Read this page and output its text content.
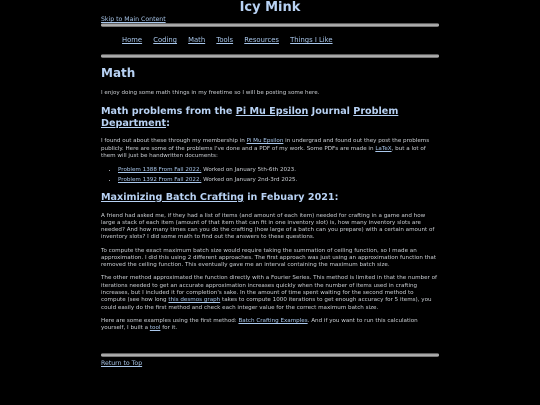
Icy Mink
Skip to Main Content
Home Coding Math Tools Resources Things I Like
Math

I enjoy doing some math things in my freetime so I will be posting some here.

Math problems from the Pi Mu Epsilon Journal Problem Department:

I found out about these through my membership in Pi Mu Epsilon in undergrad and found out they post the problems publicly. Here are some of the problems I've done and a PDF of my work. Some PDFs are made in LaTeX, but a lot of them will just be handwritten documents:

• Problem 1388 From Fall 2022. Worked on January 5th-6th 2023.
• Problem 1392 From Fall 2022. Worked on January 2nd-3rd 2025.
Maximizing Batch Crafting in Febuary 2021:

A friend had asked me, if they had a list of items (and amount of each item) needed for crafting in a game and how large a stack of each item (amount of that item that can fit in one inventory slot) is, how many inventory slots are needed? And how many times can you do the crafting (how large of a batch can you prepare) with a certain amount of inventory slots? I did some math to find out the answers to these questions.

To compute the exact maximum batch size would require taking the summation of ceiling function, so I made an approximation. I did this using 2 different approaches. The first approach was just using an approximation function that removed the ceiling function. This eventually gave me an interval containing the maximum batch size.

The other method approximated the function directly with a Fourier Series. This method is limited in that the number of iterations needed to get an accurate approximation increases quickly when the number of items used in crafting increases, but I included it for completion's sake. In the amount of time spent waiting for the second method to compute (see how long this desmos graph takes to compute 1000 iterations to get enough accuracy for 5 items), you could easily do the first method and check each integer value for the correct maximum batch size.

Here are some examples using the first method: Batch Crafting Examples. And if you want to run this calculation yourself, I built a tool for it.

Return to Top
